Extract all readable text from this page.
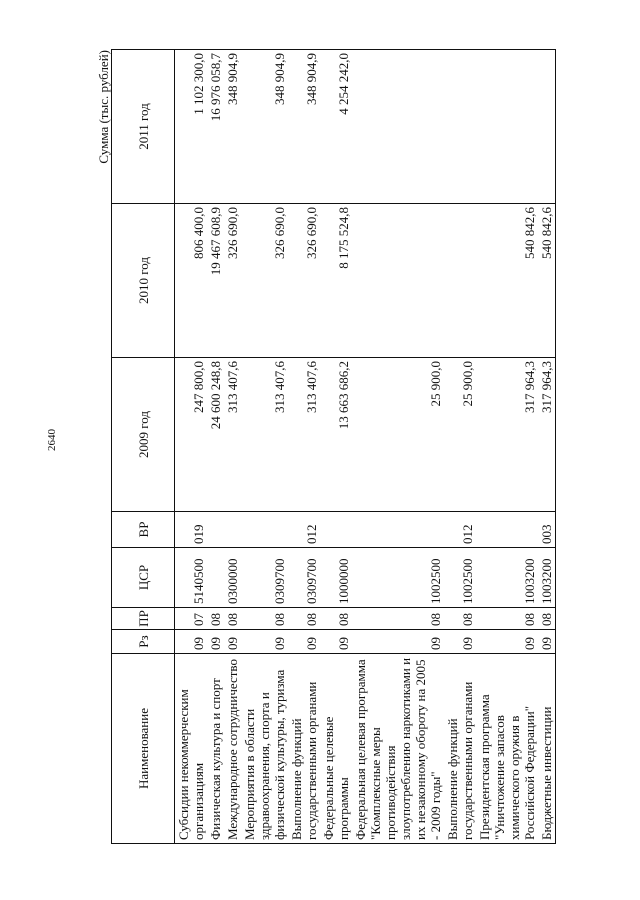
2640
Сумма (тыс. рублей)
Наименование	Рз	ПР	ЦСР	ВР	2009 год	2010 год	2011 год
Субсидии некоммерческим организациям	09	07	5140500	019	247 800,0	806 400,0	1 102 300,0
Физическая культура и спорт	09	08			24 600 248,8	19 467 608,9	16 976 058,7
Международное сотрудничество	09	08	0300000		313 407,6	326 690,0	348 904,9
Мероприятия в области здравоохранения, спорта и физической культуры, туризма	09	08	0309700		313 407,6	326 690,0	348 904,9
Выполнение функций государственными органами	09	08	0309700	012	313 407,6	326 690,0	348 904,9
Федеральные целевые программы	09	08	1000000		13 663 686,2	8 175 524,8	4 254 242,0
Федеральная целевая программа "Комплексные меры противодействия злоупотреблению наркотиками и их незаконному обороту на 2005 - 2009 годы"	09	08	1002500		25 900,0		
Выполнение функций государственными органами	09	08	1002500	012	25 900,0		
Президентская программа "Уничтожение запасов химического оружия в Российской Федерации"	09	08	1003200		317 964,3	540 842,6	
Бюджетные инвестиции	09	08	1003200	003	317 964,3	540 842,6	
